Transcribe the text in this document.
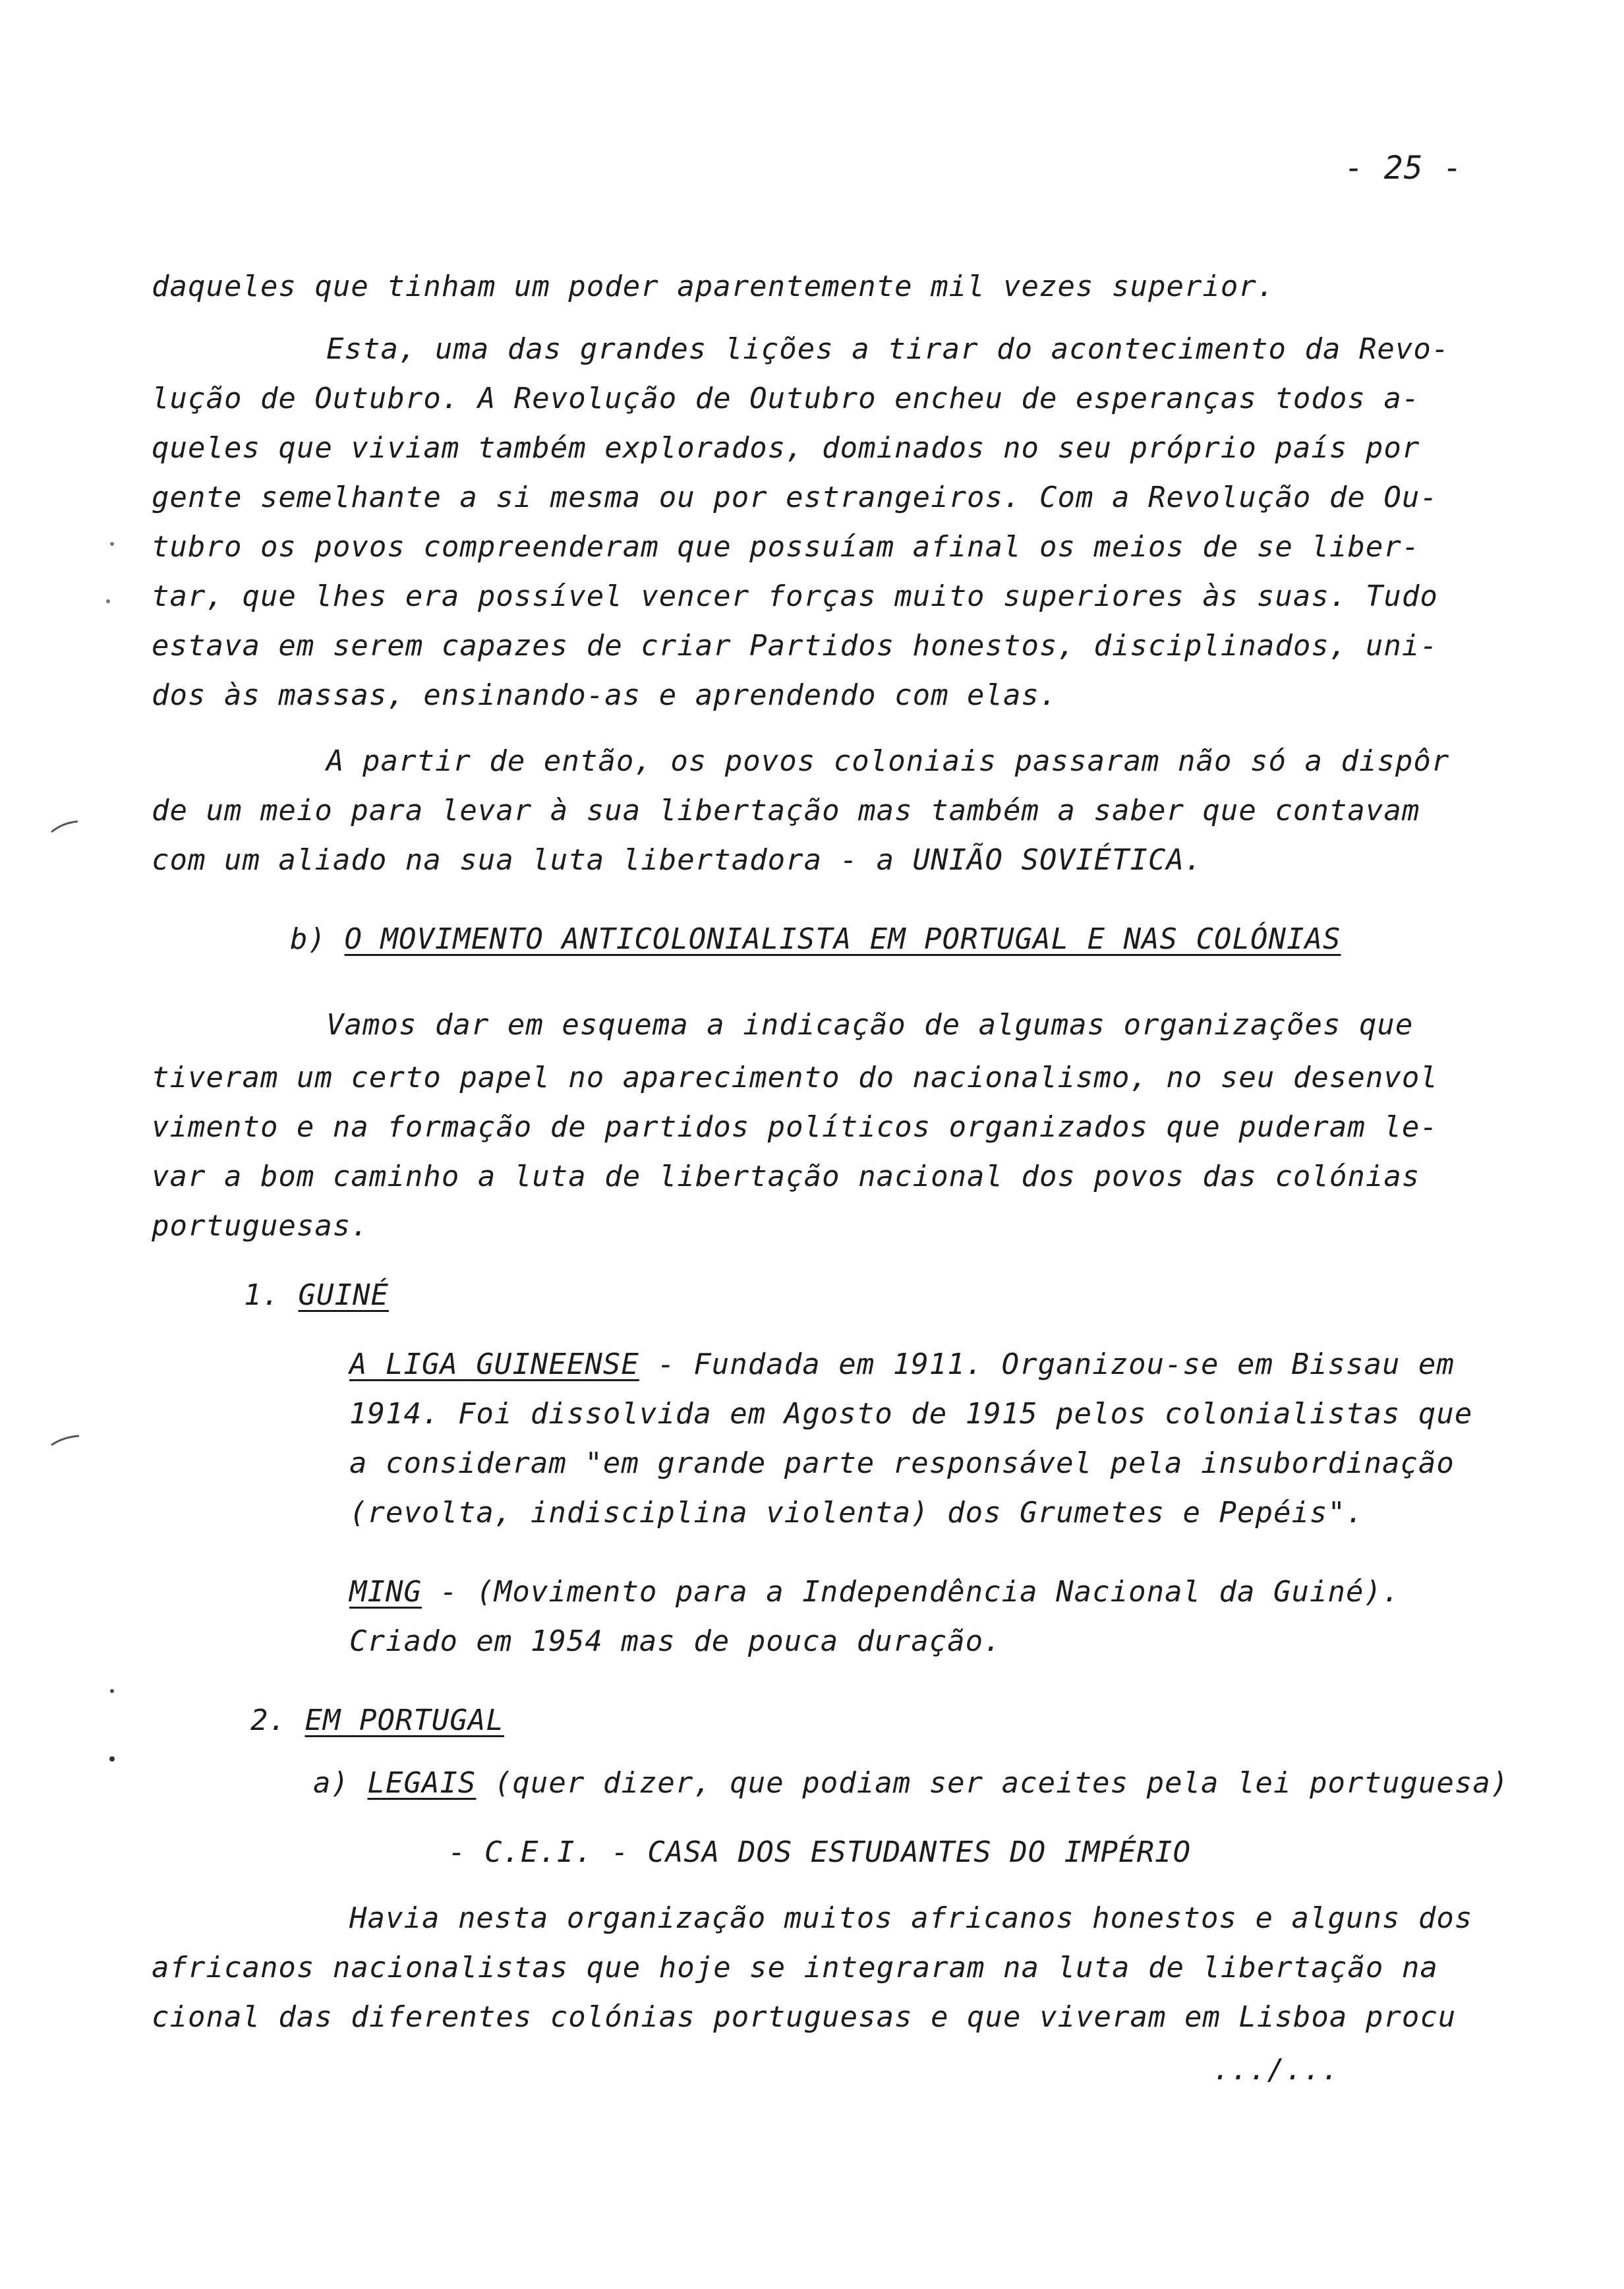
- 25 -
daqueles que tinham um poder aparentemente mil vezes superior.
Esta, uma das grandes lições a tirar do acontecimento da Revo-
lução de Outubro. A Revolução de Outubro encheu de esperanças todos a-
queles que viviam também explorados, dominados no seu próprio país por
gente semelhante a si mesma ou por estrangeiros. Com a Revolução de Ou-
tubro os povos compreenderam que possuíam afinal os meios de se liber-
tar, que lhes era possível vencer forças muito superiores às suas. Tudo
estava em serem capazes de criar Partidos honestos, disciplinados, uni-
dos às massas, ensinando-as e aprendendo com elas.
A partir de então, os povos coloniais passaram não só a dispôr
de um meio para levar à sua libertação mas também a saber que contavam
com um aliado na sua luta libertadora - a UNIÃO SOVIÉTICA.
b) O MOVIMENTO ANTICOLONIALISTA EM PORTUGAL E NAS COLÓNIAS
Vamos dar em esquema a indicação de algumas organizações que
tiveram um certo papel no aparecimento do nacionalismo, no seu desenvol
vimento e na formação de partidos políticos organizados que puderam le-
var a bom caminho a luta de libertação nacional dos povos das colónias
portuguesas.
1. GUINÉ
A LIGA GUINEENSE - Fundada em 1911. Organizou-se em Bissau em
1914. Foi dissolvida em Agosto de 1915 pelos colonialistas que
a consideram "em grande parte responsável pela insubordinação
(revolta, indisciplina violenta) dos Grumetes e Pepéis".
MING - (Movimento para a Independência Nacional da Guiné).
Criado em 1954 mas de pouca duração.
2. EM PORTUGAL
a) LEGAIS (quer dizer, que podiam ser aceites pela lei portuguesa)
- C.E.I. - CASA DOS ESTUDANTES DO IMPÉRIO
Havia nesta organização muitos africanos honestos e alguns dos
africanos nacionalistas que hoje se integraram na luta de libertação na
cional das diferentes colónias portuguesas e que viveram em Lisboa procu
.../...
